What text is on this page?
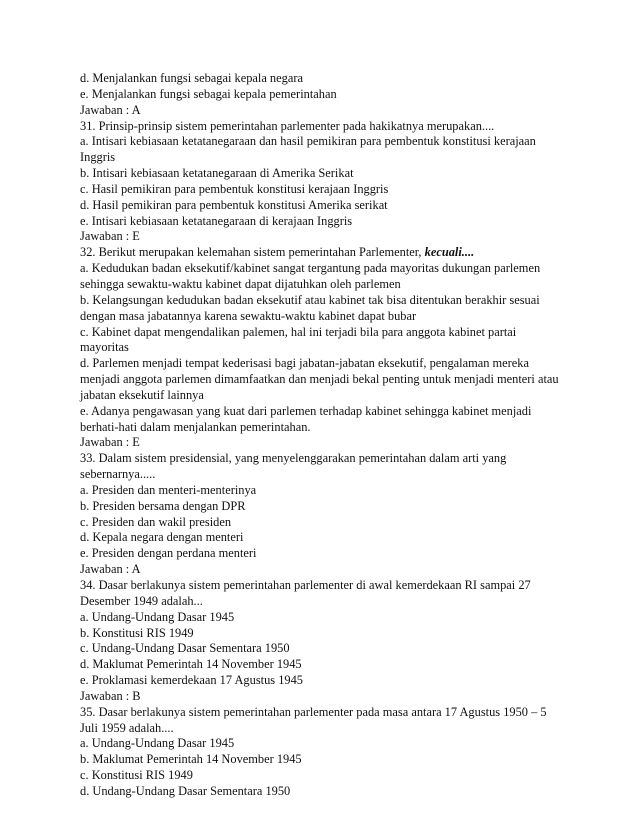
d. Menjalankan fungsi sebagai kepala negara
e. Menjalankan fungsi sebagai kepala pemerintahan
Jawaban : A
31. Prinsip-prinsip sistem pemerintahan parlementer pada hakikatnya merupakan....
a. Intisari kebiasaan ketatanegaraan dan hasil pemikiran para pembentuk konstitusi kerajaan
Inggris
b. Intisari kebiasaan ketatanegaraan di Amerika Serikat
c. Hasil pemikiran para pembentuk konstitusi kerajaan Inggris
d. Hasil pemikiran para pembentuk konstitusi Amerika serikat
e. Intisari kebiasaan ketatanegaraan di kerajaan Inggris
Jawaban : E
32. Berikut merupakan kelemahan sistem pemerintahan Parlementer, kecuali....
a. Kedudukan badan eksekutif/kabinet sangat tergantung pada mayoritas dukungan parlemen
sehingga sewaktu-waktu kabinet dapat dijatuhkan oleh parlemen
b. Kelangsungan kedudukan badan eksekutif atau kabinet tak bisa ditentukan berakhir sesuai
dengan masa jabatannya karena sewaktu-waktu kabinet dapat bubar
c. Kabinet dapat mengendalikan palemen, hal ini terjadi bila para anggota kabinet partai
mayoritas
d. Parlemen menjadi tempat kederisasi bagi jabatan-jabatan eksekutif, pengalaman mereka
menjadi anggota parlemen dimamfaatkan dan menjadi bekal penting untuk menjadi menteri atau
jabatan eksekutif lainnya
e. Adanya pengawasan yang kuat dari parlemen terhadap kabinet sehingga kabinet menjadi
berhati-hati dalam menjalankan pemerintahan.
Jawaban : E
33. Dalam sistem presidensial, yang menyelenggarakan pemerintahan dalam arti yang
sebernarnya.....
a. Presiden dan menteri-menterinya
b. Presiden bersama dengan DPR
c. Presiden dan wakil presiden
d. Kepala negara dengan menteri
e. Presiden dengan perdana menteri
Jawaban : A
34. Dasar berlakunya sistem pemerintahan parlementer di awal kemerdekaan RI sampai 27
Desember 1949 adalah...
a. Undang-Undang Dasar 1945
b. Konstitusi RIS 1949
c. Undang-Undang Dasar Sementara 1950
d. Maklumat Pemerintah 14 November 1945
e. Proklamasi kemerdekaan 17 Agustus 1945
Jawaban : B
35. Dasar berlakunya sistem pemerintahan parlementer pada masa antara 17 Agustus 1950 – 5
Juli 1959 adalah....
a. Undang-Undang Dasar 1945
b. Maklumat Pemerintah 14 November 1945
c. Konstitusi RIS 1949
d. Undang-Undang Dasar Sementara 1950
